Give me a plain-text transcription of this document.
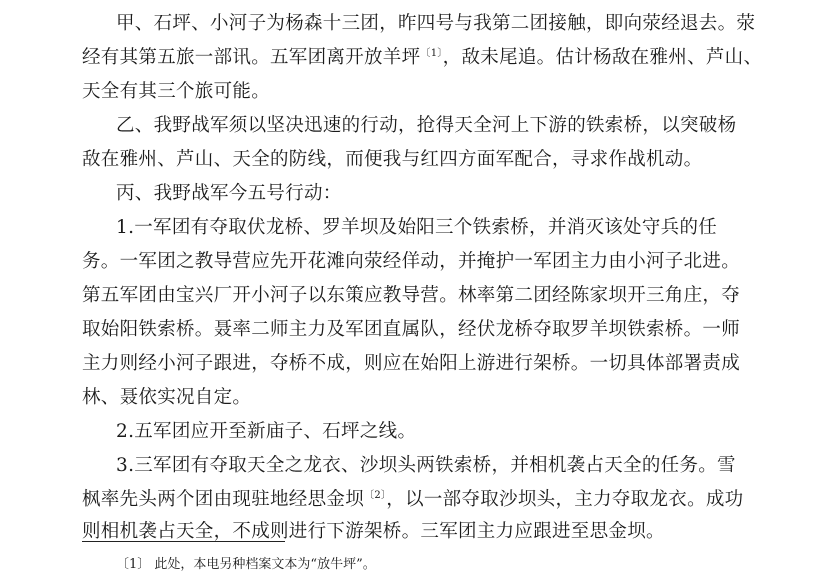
甲、石坪、小河子为杨森十三团，昨四号与我第二团接触，即向荥经退去。荥
经有其第五旅一部讯。五军团离开放羊坪$^{〔1〕}$，敌未尾追。估计杨敌在雅州、芦山、
天全有其三个旅可能。
乙、我野战军须以坚决迅速的行动，抢得天全河上下游的铁索桥，以突破杨
敌在雅州、芦山、天全的防线，而便我与红四方面军配合，寻求作战机动。
丙、我野战军今五号行动：
1.一军团有夺取伏龙桥、罗羊坝及始阳三个铁索桥，并消灭该处守兵的任
务。一军团之教导营应先开花滩向荥经佯动，并掩护一军团主力由小河子北进。
第五军团由宝兴厂开小河子以东策应教导营。林率第二团经陈家坝开三角庄，夺
取始阳铁索桥。聂率二师主力及军团直属队，经伏龙桥夺取罗羊坝铁索桥。一师
主力则经小河子跟进，夺桥不成，则应在始阳上游进行架桥。一切具体部署责成
林、聂依实况自定。
2.五军团应开至新庙子、石坪之线。
3.三军团有夺取天全之龙衣、沙坝头两铁索桥，并相机袭占天全的任务。雪
枫率先头两个团由现驻地经思金坝$^{〔2〕}$，以一部夺取沙坝头，主力夺取龙衣。成功
则相机袭占天全，不成则进行下游架桥。三军团主力应跟进至思金坝。
〔1〕 此处，本电另种档案文本为“放牛坪”。
